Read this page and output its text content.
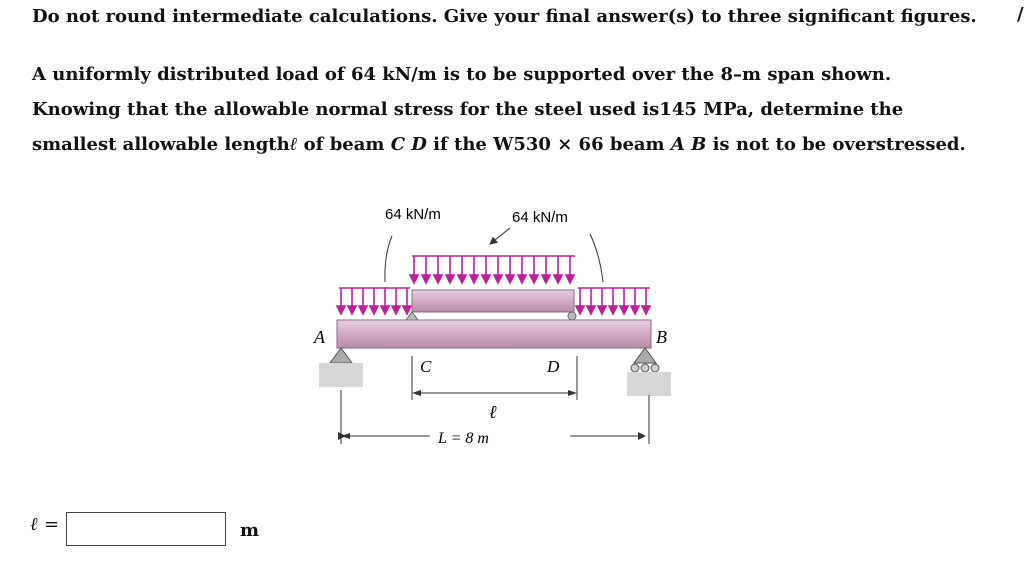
Do not round intermediate calculations. Give your final answer(s) to three significant figures. /
A uniformly distributed load of 64 kN/m is to be supported over the 8–m span shown.
Knowing that the allowable normal stress for the steel used is145 MPa, determine the
smallest allowable lengthℓ of beam C D if the W530 × 66 beam A B is not to be overstressed.
64 kN/m	64 kN/m
A	B
C	D
ℓ
L = 8 m
ℓ =	m
